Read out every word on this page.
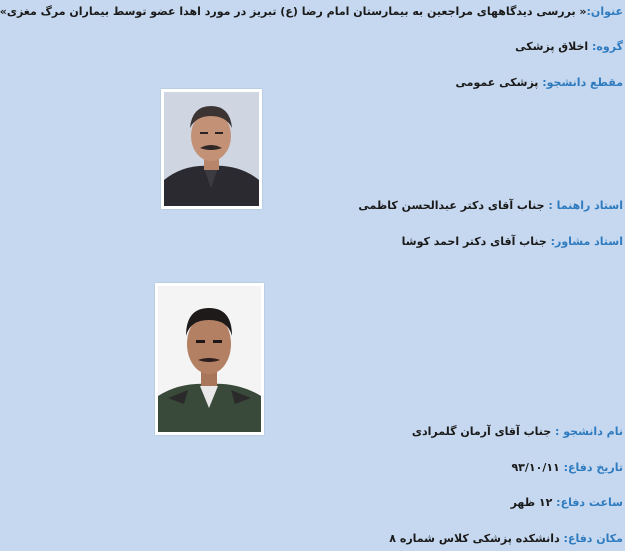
عنوان:« بررسی دیدگاههای مراجعین به بیمارستان امام رضا (ع) تبریز در مورد اهدا عضو توسط بیماران مرگ مغزی»
گروه: اخلاق پزشکی
مقطع دانشجو: پزشکی عمومی
استاد راهنما : جناب آقای دکتر عبدالحسن کاظمی
استاد مشاور: جناب آقای دکتر احمد کوشا
نام دانشجو : جناب آقای آرمان گلمرادی
تاریخ دفاع: ۹۳/۱۰/۱۱
ساعت دفاع: ۱۲ ظهر
مکان دفاع: دانشکده پزشکی کلاس شماره ۸
